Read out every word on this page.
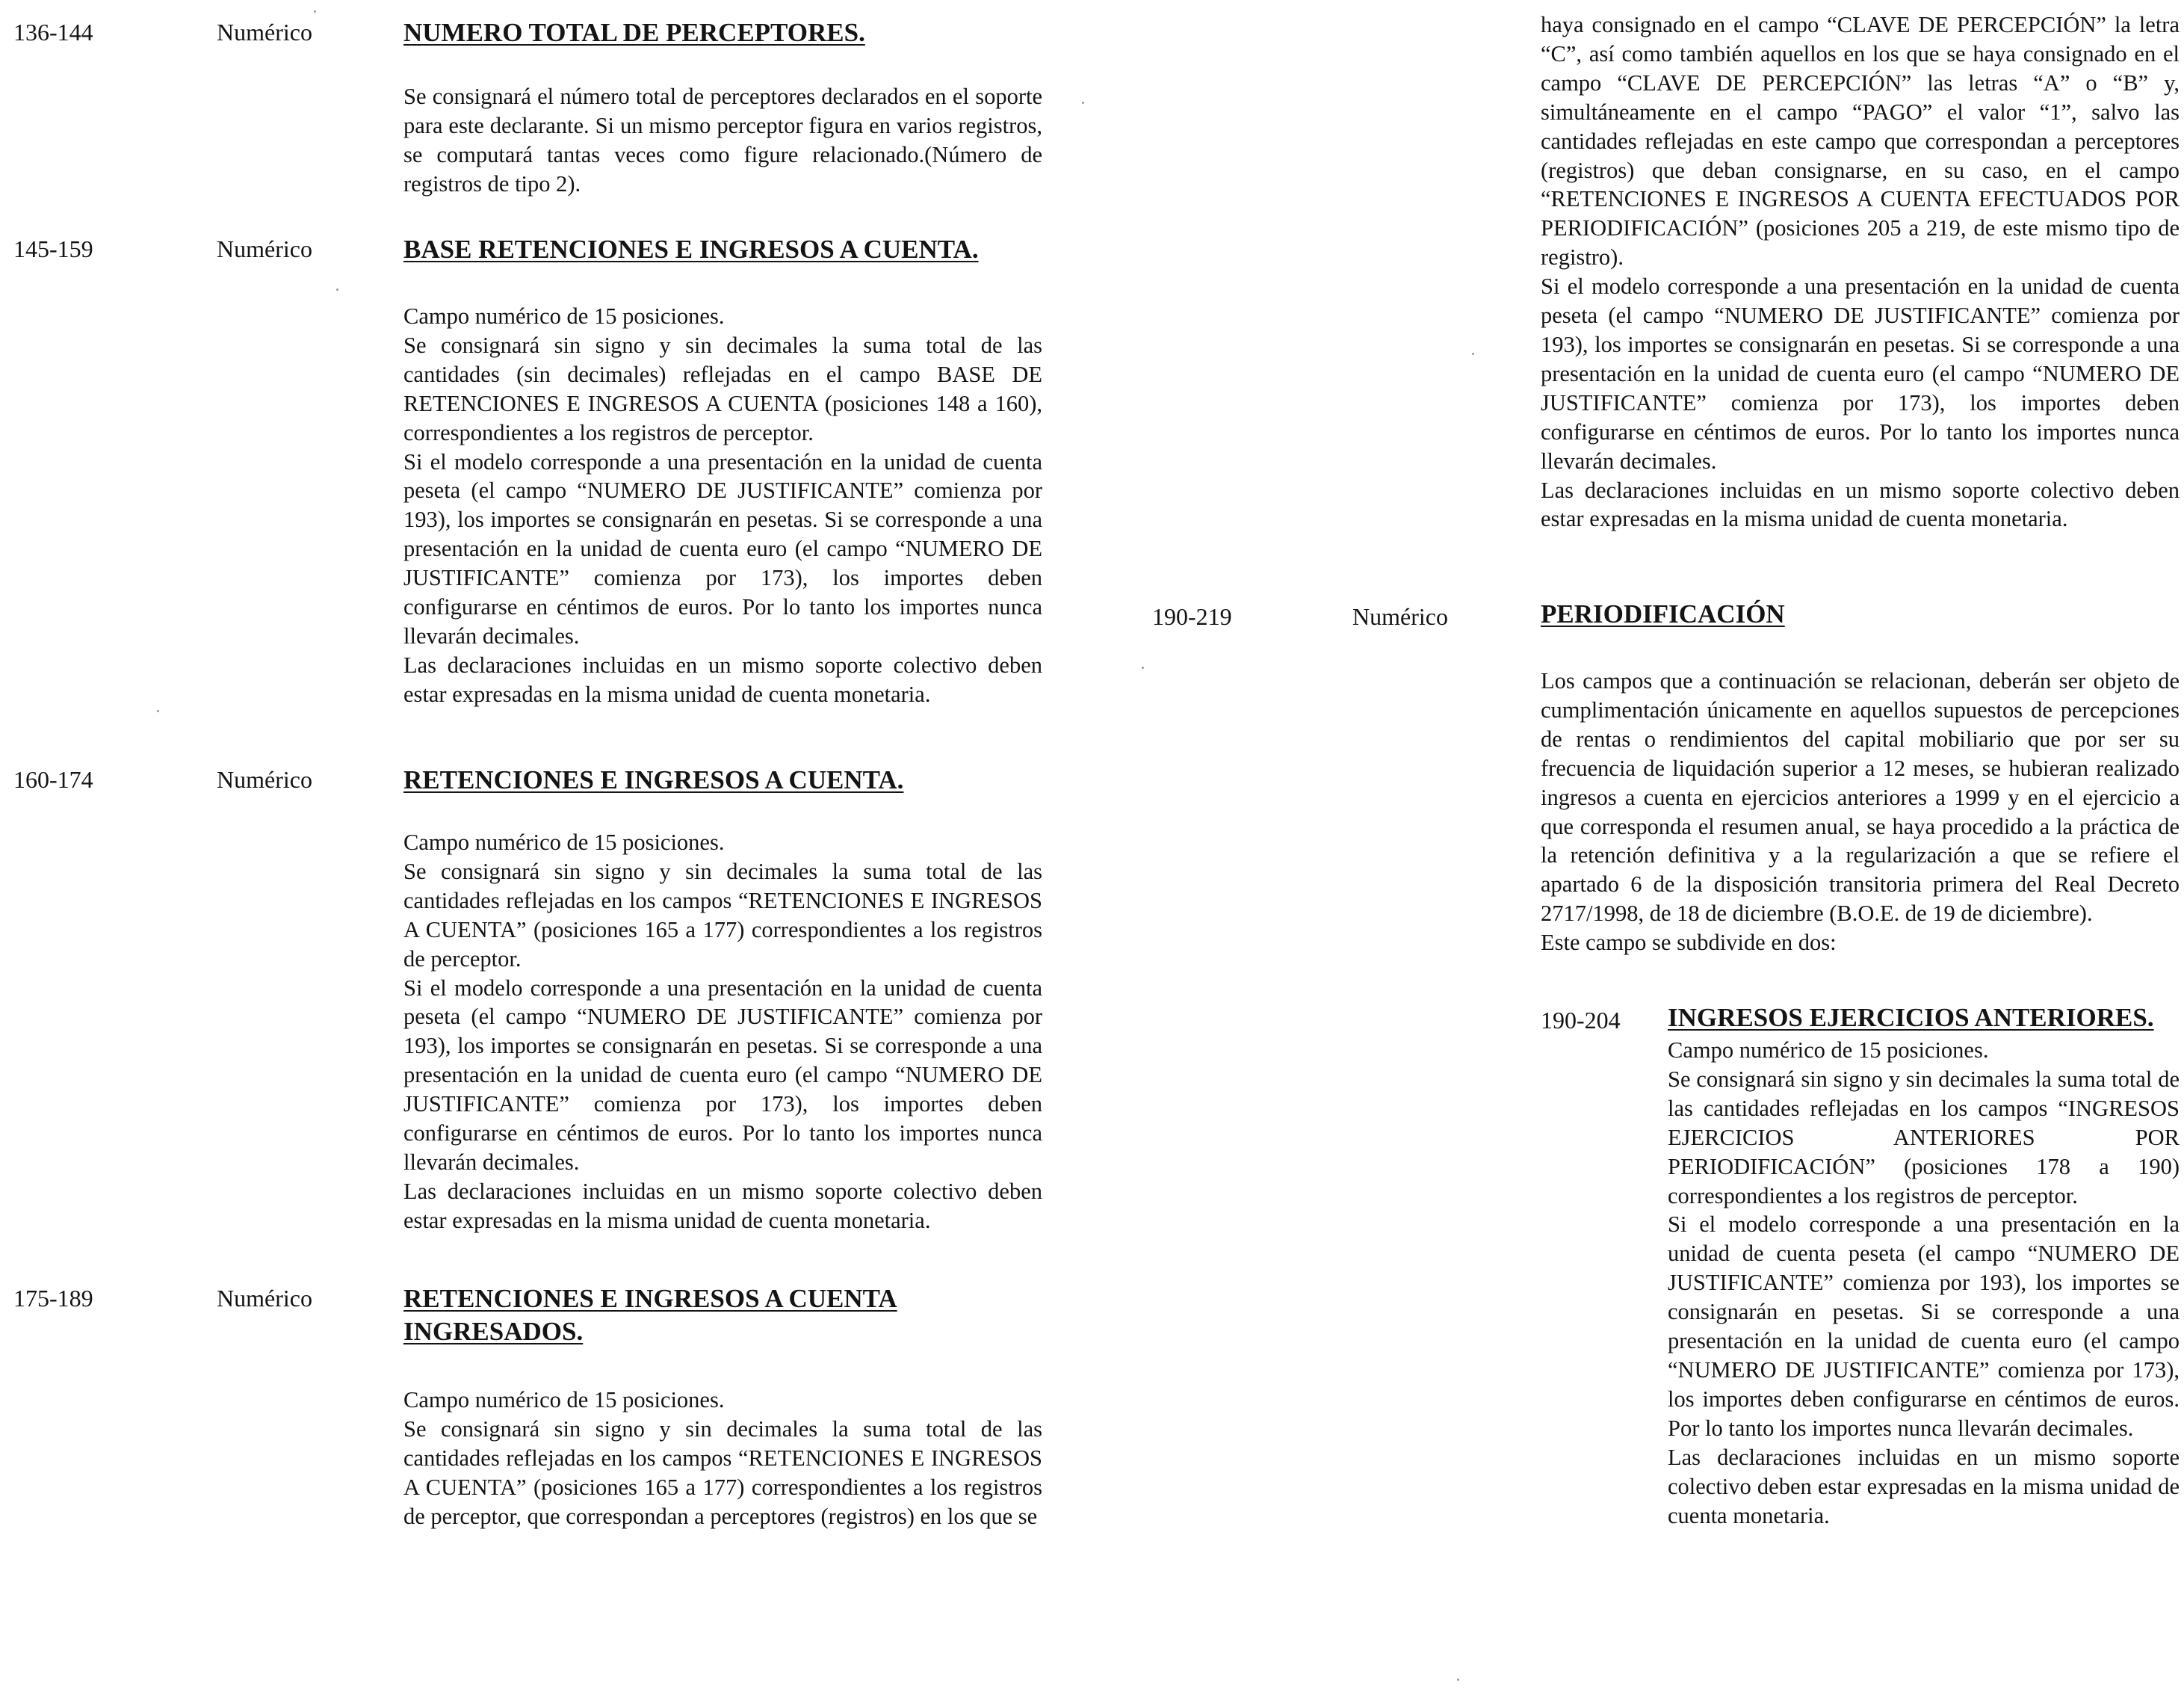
136-144	Numérico	NUMERO TOTAL DE PERCEPTORES.

Se consignará el número total de perceptores declarados en el soporte para este declarante. Si un mismo perceptor figura en varios registros, se computará tantas veces como figure relacionado.(Número de registros de tipo 2).

145-159	Numérico	BASE RETENCIONES E INGRESOS A CUENTA.

Campo numérico de 15 posiciones.

Se consignará sin signo y sin decimales la suma total de las cantidades (sin decimales) reflejadas en el campo BASE DE RETENCIONES E INGRESOS A CUENTA (posiciones 148 a 160), correspondientes a los registros de perceptor.

Si el modelo corresponde a una presentación en la unidad de cuenta peseta (el campo “NUMERO DE JUSTIFICANTE” comienza por 193), los importes se consignarán en pesetas. Si se corresponde a una presentación en la unidad de cuenta euro (el campo “NUMERO DE JUSTIFICANTE” comienza por 173), los importes deben configurarse en céntimos de euros. Por lo tanto los importes nunca llevarán decimales.

Las declaraciones incluidas en un mismo soporte colectivo deben estar expresadas en la misma unidad de cuenta monetaria.

160-174	Numérico	RETENCIONES E INGRESOS A CUENTA.

Campo numérico de 15 posiciones.

Se consignará sin signo y sin decimales la suma total de las cantidades reflejadas en los campos “RETENCIONES E INGRESOS A CUENTA” (posiciones 165 a 177) correspondientes a los registros de perceptor.

Si el modelo corresponde a una presentación en la unidad de cuenta peseta (el campo “NUMERO DE JUSTIFICANTE” comienza por 193), los importes se consignarán en pesetas. Si se corresponde a una presentación en la unidad de cuenta euro (el campo “NUMERO DE JUSTIFICANTE” comienza por 173), los importes deben configurarse en céntimos de euros. Por lo tanto los importes nunca llevarán decimales.

Las declaraciones incluidas en un mismo soporte colectivo deben estar expresadas en la misma unidad de cuenta monetaria.

175-189	Numérico	RETENCIONES E INGRESOS A CUENTA INGRESADOS.

Campo numérico de 15 posiciones.

Se consignará sin signo y sin decimales la suma total de las cantidades reflejadas en los campos “RETENCIONES E INGRESOS A CUENTA” (posiciones 165 a 177) correspondientes a los registros de perceptor, que correspondan a perceptores (registros) en los que se

haya consignado en el campo “CLAVE DE PERCEPCIÓN” la letra “C”, así como también aquellos en los que se haya consignado en el campo “CLAVE DE PERCEPCIÓN” las letras “A” o “B” y, simultáneamente en el campo “PAGO” el valor “1”, salvo las cantidades reflejadas en este campo que correspondan a perceptores (registros) que deban consignarse, en su caso, en el campo “RETENCIONES E INGRESOS A CUENTA EFECTUADOS POR PERIODIFICACIÓN” (posiciones 205 a 219, de este mismo tipo de registro).

Si el modelo corresponde a una presentación en la unidad de cuenta peseta (el campo “NUMERO DE JUSTIFICANTE” comienza por 193), los importes se consignarán en pesetas. Si se corresponde a una presentación en la unidad de cuenta euro (el campo “NUMERO DE JUSTIFICANTE” comienza por 173), los importes deben configurarse en céntimos de euros. Por lo tanto los importes nunca llevarán decimales.

Las declaraciones incluidas en un mismo soporte colectivo deben estar expresadas en la misma unidad de cuenta monetaria.

190-219	Numérico	PERIODIFICACIÓN

Los campos que a continuación se relacionan, deberán ser objeto de cumplimentación únicamente en aquellos supuestos de percepciones de rentas o rendimientos del capital mobiliario que por ser su frecuencia de liquidación superior a 12 meses, se hubieran realizado ingresos a cuenta en ejercicios anteriores a 1999 y en el ejercicio a que corresponda el resumen anual, se haya procedido a la práctica de la retención definitiva y a la regularización a que se refiere el apartado 6 de la disposición transitoria primera del Real Decreto 2717/1998, de 18 de diciembre (B.O.E. de 19 de diciembre).

Este campo se subdivide en dos:

190-204 INGRESOS EJERCICIOS ANTERIORES.

Campo numérico de 15 posiciones.

Se consignará sin signo y sin decimales la suma total de las cantidades reflejadas en los campos “INGRESOS EJERCICIOS ANTERIORES POR PERIODIFICACIÓN” (posiciones 178 a 190) correspondientes a los registros de perceptor.

Si el modelo corresponde a una presentación en la unidad de cuenta peseta (el campo “NUMERO DE JUSTIFICANTE” comienza por 193), los importes se consignarán en pesetas. Si se corresponde a una presentación en la unidad de cuenta euro (el campo “NUMERO DE JUSTIFICANTE” comienza por 173), los importes deben configurarse en céntimos de euros. Por lo tanto los importes nunca llevarán decimales.

Las declaraciones incluidas en un mismo soporte colectivo deben estar expresadas en la misma unidad de cuenta monetaria.
